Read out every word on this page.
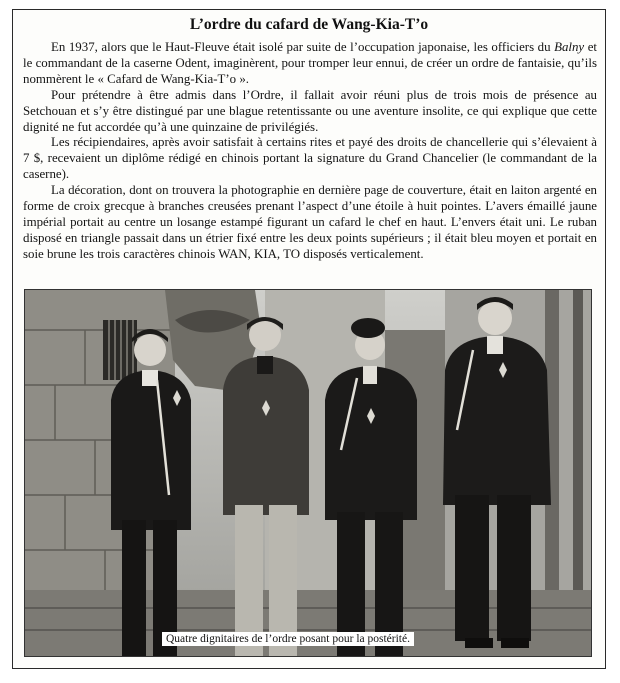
L’ordre du cafard de Wang-Kia-T’o

En 1937, alors que le Haut-Fleuve était isolé par suite de l’occupation japonaise, les officiers du Balny et le commandant de la caserne Odent, imaginèrent, pour tromper leur ennui, de créer un ordre de fantaisie, qu’ils nommèrent le « Cafard de Wang-Kia-T’o ».

Pour prétendre à être admis dans l’Ordre, il fallait avoir réuni plus de trois mois de présence au Setchouan et s’y être distingué par une blague retentissante ou une aventure insolite, ce qui explique que cette dignité ne fut accordée qu’à une quinzaine de privilégiés.

Les récipiendaires, après avoir satisfait à certains rites et payé des droits de chancellerie qui s’élevaient à 7 $, recevaient un diplôme rédigé en chinois portant la signature du Grand Chancelier (le commandant de la caserne).

La décoration, dont on trouvera la photographie en dernière page de couverture, était en laiton argenté en forme de croix grecque à branches creusées prenant l’aspect d’une étoile à huit pointes. L’avers émaillé jaune impérial portait au centre un losange estampé figurant un cafard le chef en haut. L’envers était uni. Le ruban disposé en triangle passait dans un étrier fixé entre les deux points supérieurs ; il était bleu moyen et portait en soie brune les trois caractères chinois WAN, KIA, TO disposés verticalement.

Quatre dignitaires de l’ordre posant pour la postérité.
